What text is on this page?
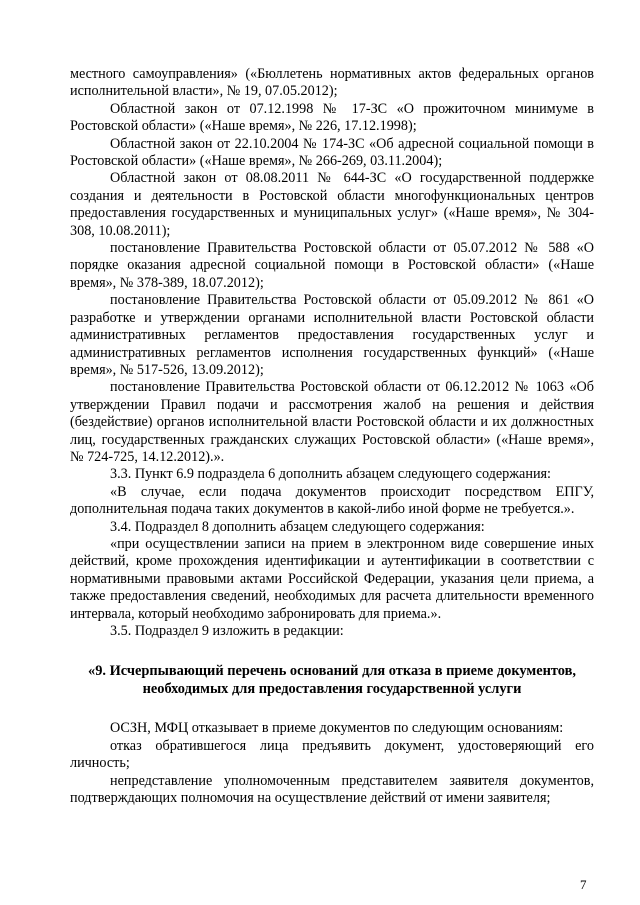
местного самоуправления» («Бюллетень нормативных актов федеральных органов исполнительной власти», № 19, 07.05.2012);

Областной закон от 07.12.1998 № 17-ЗС «О прожиточном минимуме в Ростовской области» («Наше время», № 226, 17.12.1998);

Областной закон от 22.10.2004 № 174-ЗС «Об адресной социальной помощи в Ростовской области» («Наше время», № 266-269, 03.11.2004);

Областной закон от 08.08.2011 № 644-ЗС «О государственной поддержке создания и деятельности в Ростовской области многофункциональных центров предоставления государственных и муниципальных услуг» («Наше время», № 304-308, 10.08.2011);

постановление Правительства Ростовской области от 05.07.2012 № 588 «О порядке оказания адресной социальной помощи в Ростовской области» («Наше время», № 378-389, 18.07.2012);

постановление Правительства Ростовской области от 05.09.2012 № 861 «О разработке и утверждении органами исполнительной власти Ростовской области административных регламентов предоставления государственных услуг и административных регламентов исполнения государственных функций» («Наше время», № 517-526, 13.09.2012);

постановление Правительства Ростовской области от 06.12.2012 № 1063 «Об утверждении Правил подачи и рассмотрения жалоб на решения и действия (бездействие) органов исполнительной власти Ростовской области и их должностных лиц, государственных гражданских служащих Ростовской области» («Наше время», № 724-725, 14.12.2012).».

3.3. Пункт 6.9 подраздела 6 дополнить абзацем следующего содержания:

«В случае, если подача документов происходит посредством ЕПГУ, дополнительная подача таких документов в какой-либо иной форме не требуется.».

3.4. Подраздел 8 дополнить абзацем следующего содержания:

«при осуществлении записи на прием в электронном виде совершение иных действий, кроме прохождения идентификации и аутентификации в соответствии с нормативными правовыми актами Российской Федерации, указания цели приема, а также предоставления сведений, необходимых для расчета длительности временного интервала, который необходимо забронировать для приема.».

3.5. Подраздел 9 изложить в редакции:

«9. Исчерпывающий перечень оснований для отказа в приеме документов, необходимых для предоставления государственной услуги

ОСЗН, МФЦ отказывает в приеме документов по следующим основаниям:

отказ обратившегося лица предъявить документ, удостоверяющий его личность;

непредставление уполномоченным представителем заявителя документов, подтверждающих полномочия на осуществление действий от имени заявителя;

7
